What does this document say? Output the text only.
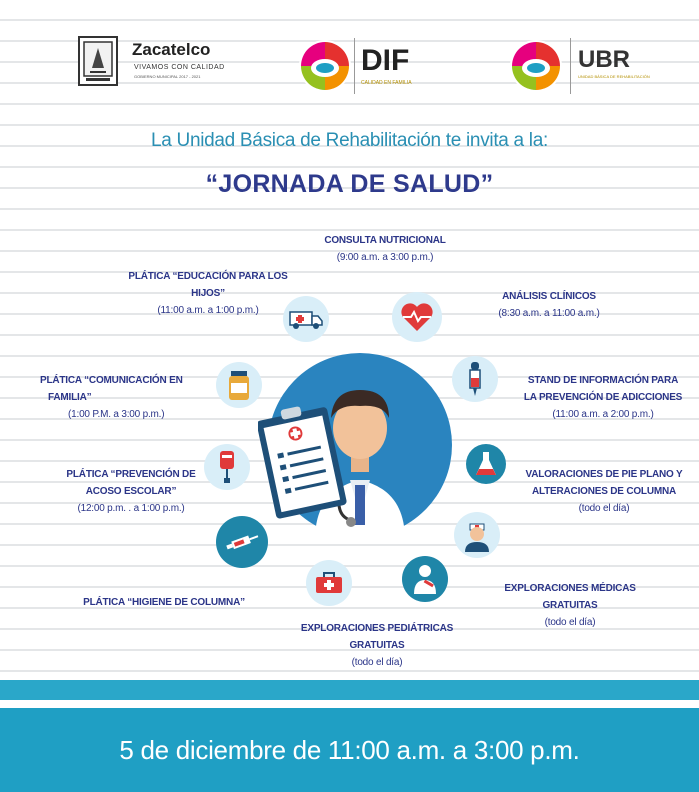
Zacatelco
VIVAMOS CON CALIDAD
GOBIERNO MUNICIPAL 2017 - 2021	DIF
CALIDAD EN FAMILIA
UBR
UNIDAD BÁSICA DE REHABILITACIÓN
La Unidad Básica de Rehabilitación te invita a la:
“JORNADA DE SALUD”
CONSULTA NUTRICIONAL
(9:00 a.m. a 3:00 p.m.)
PLÁTICA “EDUCACIÓN PARA LOS
HIJOS”
(11:00 a.m. a 1:00 p.m.)
ANÁLISIS CLÍNICOS
(8:30 a.m. a 11:00 a.m.)
PLÁTICA “COMUNICACIÓN EN
FAMILIA”
(1:00 P.M. a 3:00 p.m.)
STAND DE INFORMACIÓN PARA
LA PREVENCIÓN DE ADICCIONES
(11:00 a.m. a 2:00 p.m.)
PLÁTICA “PREVENCIÓN DE
ACOSO ESCOLAR”
(12:00 p.m. . a 1:00 p.m.)
VALORACIONES DE PIE PLANO Y
ALTERACIONES DE COLUMNA
(todo el día)
PLÁTICA “HIGIENE DE COLUMNA”
EXPLORACIONES MÉDICAS
GRATUITAS
(todo el día)
EXPLORACIONES PEDIÁTRICAS
GRATUITAS
(todo el día)
5 de diciembre de 11:00 a.m. a 3:00 p.m.
